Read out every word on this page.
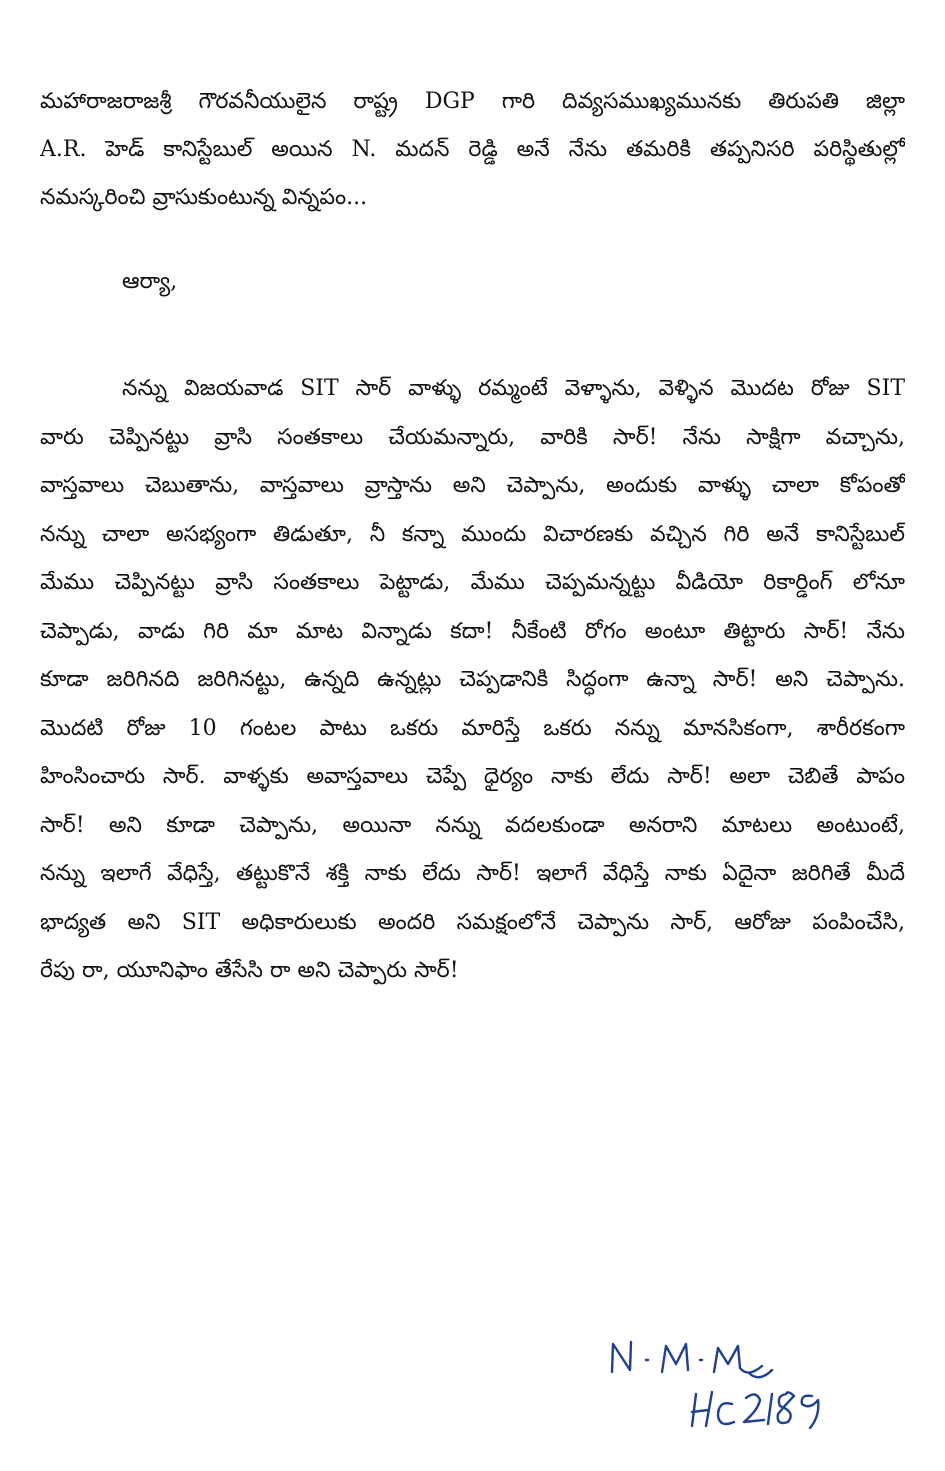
మహారాజరాజశ్రీ గౌరవనీయులైన రాష్ట్ర DGP గారి దివ్యసముఖ్యమునకు తిరుపతి జిల్లా
A.R. హెడ్ కానిస్టేబుల్ అయిన N. మదన్ రెడ్డి అనే నేను తమరికి తప్పనిసరి పరిస్థితుల్లో
నమస్కరించి వ్రాసుకుంటున్న విన్నపం...
ఆర్యా,
నన్ను విజయవాడ SIT సార్ వాళ్ళు రమ్మంటే వెళ్ళాను, వెళ్ళిన మొదట రోజు SIT
వారు చెప్పినట్టు వ్రాసి సంతకాలు చేయమన్నారు, వారికి సార్! నేను సాక్షిగా వచ్చాను,
వాస్తవాలు చెబుతాను, వాస్తవాలు వ్రాస్తాను అని చెప్పాను, అందుకు వాళ్ళు చాలా కోపంతో
నన్ను చాలా అసభ్యంగా తిడుతూ, నీ కన్నా ముందు విచారణకు వచ్చిన గిరి అనే కానిస్టేబుల్
మేము చెప్పినట్టు వ్రాసి సంతకాలు పెట్టాడు, మేము చెప్పమన్నట్టు వీడియో రికార్డింగ్ లోనూ
చెప్పాడు, వాడు గిరి మా మాట విన్నాడు కదా! నీకేంటి రోగం అంటూ తిట్టారు సార్! నేను
కూడా జరిగినది జరిగినట్టు, ఉన్నది ఉన్నట్లు చెప్పడానికి సిద్ధంగా ఉన్నా సార్! అని చెప్పాను.
మొదటి రోజు 10 గంటల పాటు ఒకరు మారిస్తే ఒకరు నన్ను మానసికంగా, శారీరకంగా
హింసించారు సార్. వాళ్ళకు అవాస్తవాలు చెప్పే ధైర్యం నాకు లేదు సార్! అలా చెబితే పాపం
సార్! అని కూడా చెప్పాను, అయినా నన్ను వదలకుండా అనరాని మాటలు అంటుంటే,
నన్ను ఇలాగే వేధిస్తే, తట్టుకొనే శక్తి నాకు లేదు సార్! ఇలాగే వేధిస్తే నాకు ఏదైనా జరిగితే మీదే
భాద్యత అని SIT అధికారులుకు అందరి సమక్షంలోనే చెప్పాను సార్, ఆరోజు పంపించేసి,
రేపు రా, యూనిఫాం తేసేసి రా అని చెప్పారు సార్!
